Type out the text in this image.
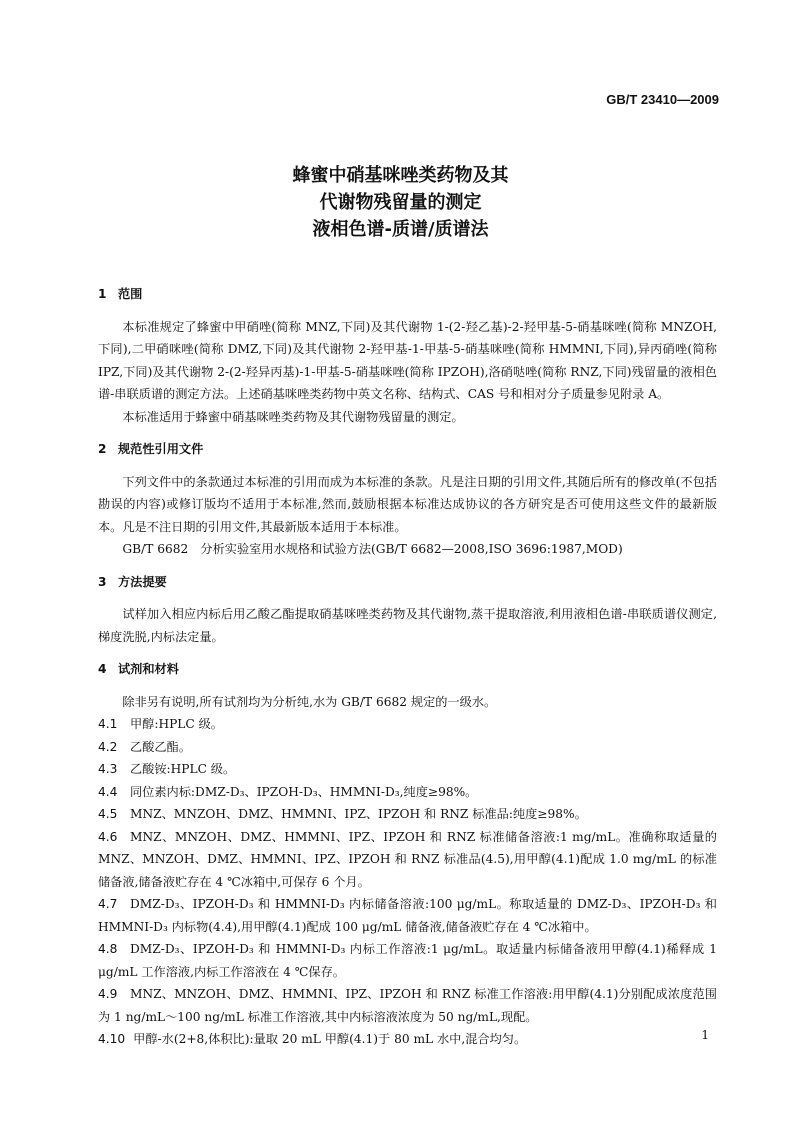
GB/T 23410—2009
蜂蜜中硝基咪唑类药物及其
代谢物残留量的测定
液相色谱-质谱/质谱法

1 范围

本标准规定了蜂蜜中甲硝唑(简称 MNZ,下同)及其代谢物 1-(2-羟乙基)-2-羟甲基-5-硝基咪唑(简称 MNZOH,下同),二甲硝咪唑(简称 DMZ,下同)及其代谢物 2-羟甲基-1-甲基-5-硝基咪唑(简称 HMMNI,下同),异丙硝唑(简称 IPZ,下同)及其代谢物 2-(2-羟异丙基)-1-甲基-5-硝基咪唑(简称 IPZOH),洛硝哒唑(简称 RNZ,下同)残留量的液相色谱-串联质谱的测定方法。上述硝基咪唑类药物中英文名称、结构式、CAS 号和相对分子质量参见附录 A。

本标准适用于蜂蜜中硝基咪唑类药物及其代谢物残留量的测定。

2 规范性引用文件

下列文件中的条款通过本标准的引用而成为本标准的条款。凡是注日期的引用文件,其随后所有的修改单(不包括勘误的内容)或修订版均不适用于本标准,然而,鼓励根据本标准达成协议的各方研究是否可使用这些文件的最新版本。凡是不注日期的引用文件,其最新版本适用于本标准。

GB/T 6682　分析实验室用水规格和试验方法(GB/T 6682—2008,ISO 3696:1987,MOD)

3 方法提要

试样加入相应内标后用乙酸乙酯提取硝基咪唑类药物及其代谢物,蒸干提取溶液,利用液相色谱-串联质谱仪测定,梯度洗脱,内标法定量。

4 试剂和材料

除非另有说明,所有试剂均为分析纯,水为 GB/T 6682 规定的一级水。

4.1 甲醇:HPLC 级。

4.2 乙酸乙酯。

4.3 乙酸铵:HPLC 级。

4.4 同位素内标:DMZ-D₃、IPZOH-D₃、HMMNI-D₃,纯度≥98%。

4.5 MNZ、MNZOH、DMZ、HMMNI、IPZ、IPZOH 和 RNZ 标准品:纯度≥98%。

4.6 MNZ、MNZOH、DMZ、HMMNI、IPZ、IPZOH 和 RNZ 标准储备溶液:1 mg/mL。准确称取适量的 MNZ、MNZOH、DMZ、HMMNI、IPZ、IPZOH 和 RNZ 标准品(4.5),用甲醇(4.1)配成 1.0 mg/mL 的标准储备液,储备液贮存在 4 ℃冰箱中,可保存 6 个月。

4.7 DMZ-D₃、IPZOH-D₃ 和 HMMNI-D₃ 内标储备溶液:100 μg/mL。称取适量的 DMZ-D₃、IPZOH-D₃ 和 HMMNI-D₃ 内标物(4.4),用甲醇(4.1)配成 100 μg/mL 储备液,储备液贮存在 4 ℃冰箱中。

4.8 DMZ-D₃、IPZOH-D₃ 和 HMMNI-D₃ 内标工作溶液:1 μg/mL。取适量内标储备液用甲醇(4.1)稀释成 1 μg/mL 工作溶液,内标工作溶液在 4 ℃保存。

4.9 MNZ、MNZOH、DMZ、HMMNI、IPZ、IPZOH 和 RNZ 标准工作溶液:用甲醇(4.1)分别配成浓度范围为 1 ng/mL～100 ng/mL 标准工作溶液,其中内标溶液浓度为 50 ng/mL,现配。

4.10 甲醇-水(2+8,体积比):量取 20 mL 甲醇(4.1)于 80 mL 水中,混合均匀。	1
